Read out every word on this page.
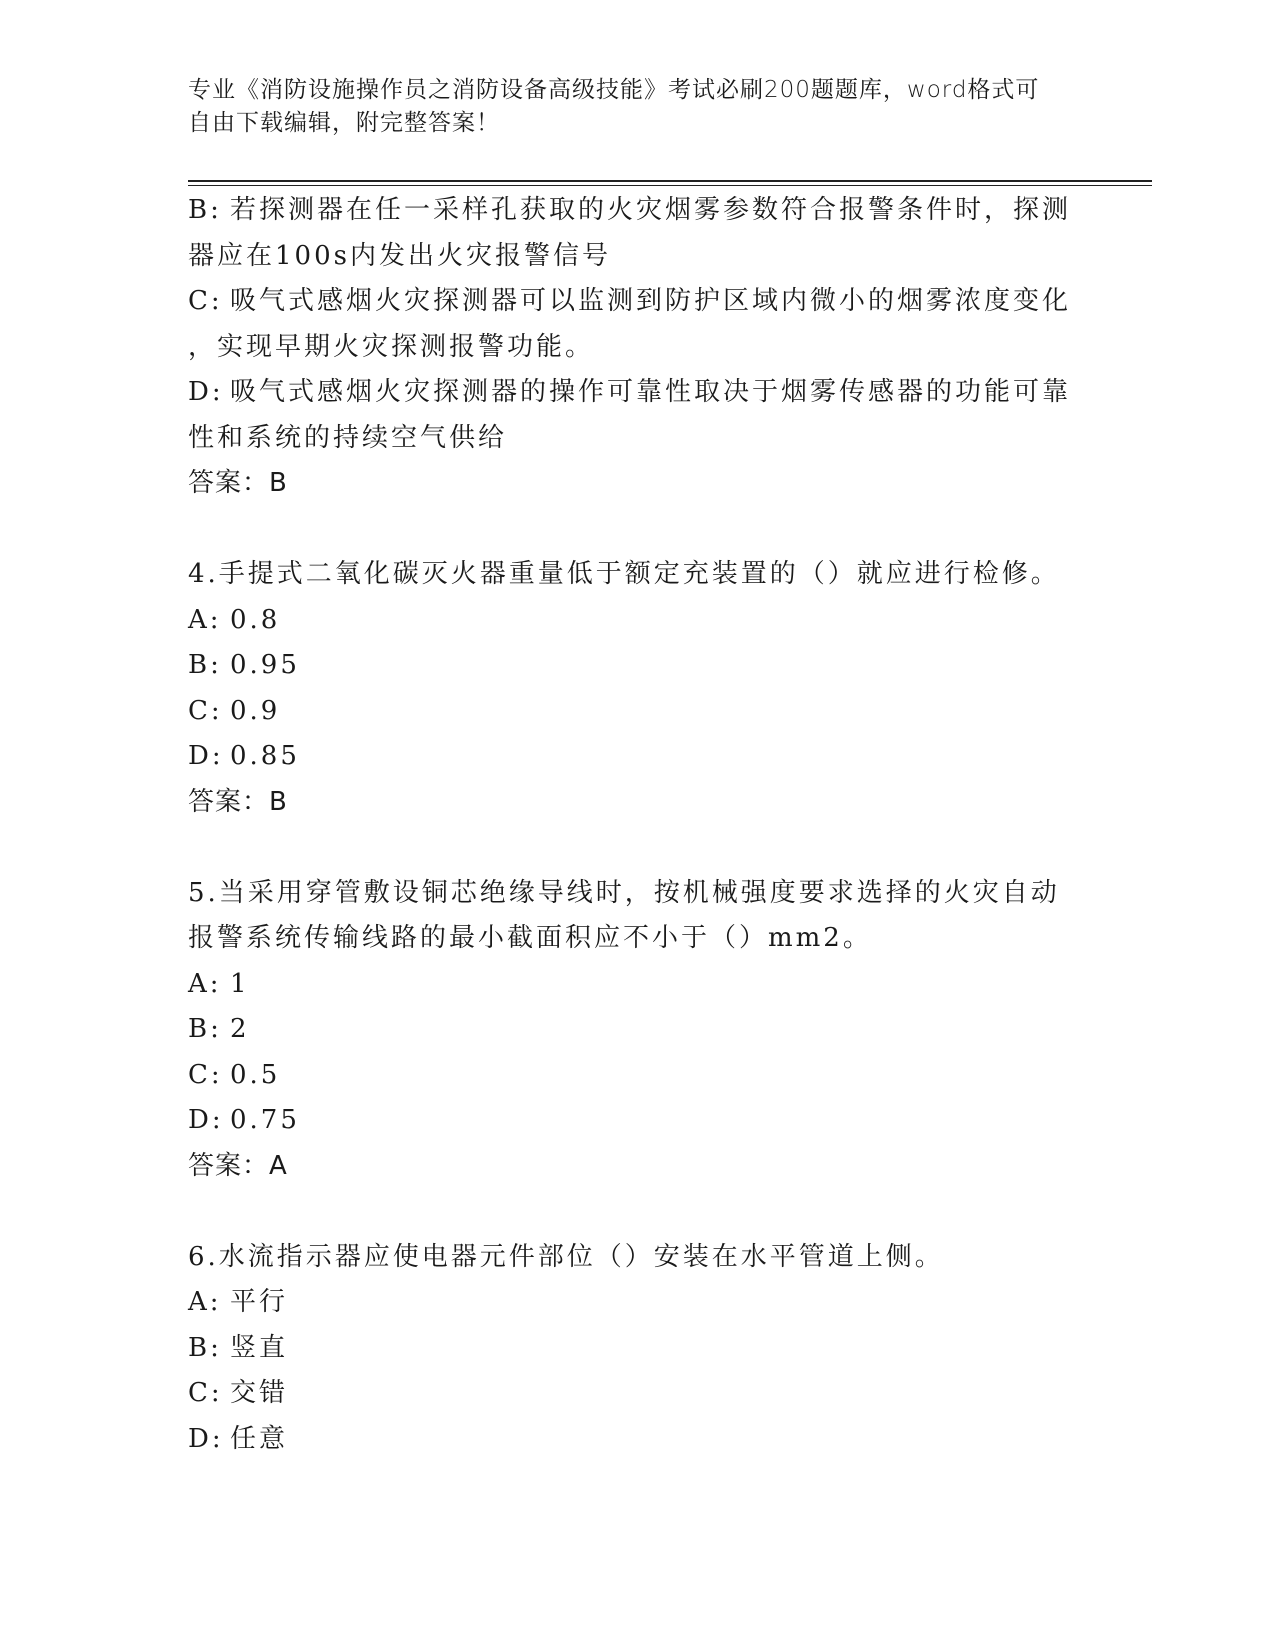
专业《消防设施操作员之消防设备高级技能》考试必刷200题题库，word格式可
自由下载编辑，附完整答案！
B: 若探测器在任一采样孔获取的火灾烟雾参数符合报警条件时，探测
器应在100s内发出火灾报警信号
C: 吸气式感烟火灾探测器可以监测到防护区域内微小的烟雾浓度变化
，实现早期火灾探测报警功能。
D: 吸气式感烟火灾探测器的操作可靠性取决于烟雾传感器的功能可靠
性和系统的持续空气供给
答案：B
4.手提式二氧化碳灭火器重量低于额定充装置的（）就应进行检修。
A: 0.8
B: 0.95
C: 0.9
D: 0.85
答案：B
5.当采用穿管敷设铜芯绝缘导线时，按机械强度要求选择的火灾自动
报警系统传输线路的最小截面积应不小于（）mm2。
A: 1
B: 2
C: 0.5
D: 0.75
答案：A
6.水流指示器应使电器元件部位（）安装在水平管道上侧。
A: 平行
B: 竖直
C: 交错
D: 任意
